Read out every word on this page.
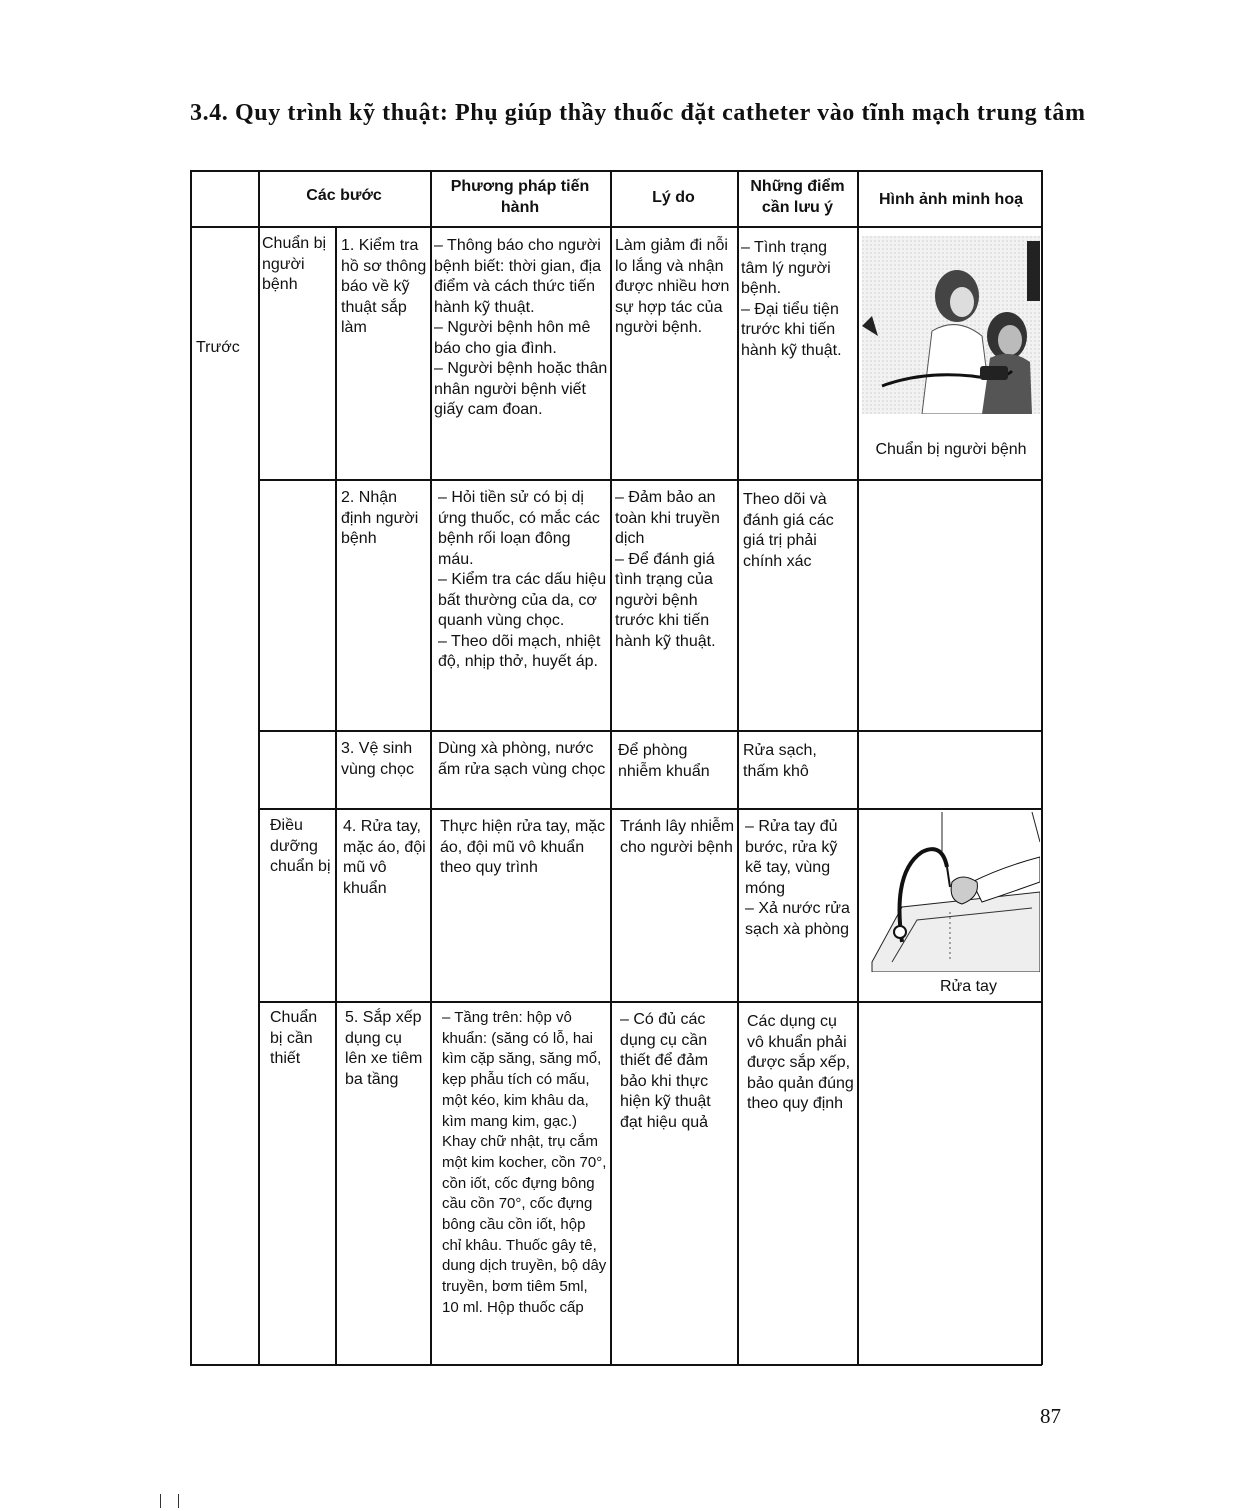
3.4. Quy trình kỹ thuật: Phụ giúp thầy thuốc đặt catheter vào tĩnh mạch trung tâm
Các bước
Phương pháp tiến hành
Lý do
Những điểm cần lưu ý	Hình ảnh minh hoạ
Trước
Chuẩn bị người bệnh
Điều dưỡng chuẩn bị
Chuẩn bị cần thiết
1. Kiểm tra hồ sơ thông báo về kỹ thuật sắp làm
– Thông báo cho người bệnh biết: thời gian, địa điểm và cách thức tiến hành kỹ thuật.
– Người bệnh hôn mê báo cho gia đình.
– Người bệnh hoặc thân nhân người bệnh viết giấy cam đoan.
Làm giảm đi nỗi lo lắng và nhận được nhiều hơn sự hợp tác của người bệnh.
– Tình trạng tâm lý người bệnh.
– Đại tiểu tiện trước khi tiến hành kỹ thuật.
Chuẩn bị người bệnh
2. Nhận định người bệnh
– Hỏi tiền sử có bị dị ứng thuốc, có mắc các bệnh rối loạn đông máu.
– Kiểm tra các dấu hiệu bất thường của da, cơ quanh vùng chọc.
– Theo dõi mạch, nhiệt độ, nhịp thở, huyết áp.
– Đảm bảo an toàn khi truyền dịch
– Để đánh giá tình trạng của người bệnh trước khi tiến hành kỹ thuật.
Theo dõi và đánh giá các giá trị phải chính xác
3. Vệ sinh vùng chọc
Dùng xà phòng, nước ấm rửa sạch vùng chọc
Để phòng nhiễm khuẩn
Rửa sạch, thấm khô
4. Rửa tay, mặc áo, đội mũ vô khuẩn
Thực hiện rửa tay, mặc áo, đội mũ vô khuẩn theo quy trình
Tránh lây nhiễm cho người bệnh
– Rửa tay đủ bước, rửa kỹ kẽ tay, vùng móng
– Xả nước rửa sạch xà phòng
Rửa tay
5. Sắp xếp dụng cụ lên xe tiêm ba tầng
– Tầng trên: hộp vô khuẩn: (săng có lỗ, hai kìm cặp săng, săng mổ, kẹp phẫu tích có mấu, một kéo, kim khâu da, kìm mang kim, gạc.) Khay chữ nhật, trụ cắm một kim kocher, cồn 70°, cồn iốt, cốc đựng bông cầu cồn 70°, cốc đựng bông cầu cồn iốt, hộp chỉ khâu. Thuốc gây tê, dung dịch truyền, bộ dây truyền, bơm tiêm 5ml, 10 ml. Hộp thuốc cấp
– Có đủ các dụng cụ cần thiết để đảm bảo khi thực hiện kỹ thuật đạt hiệu quả
Các dụng cụ vô khuẩn phải được sắp xếp, bảo quản đúng theo quy định
87
